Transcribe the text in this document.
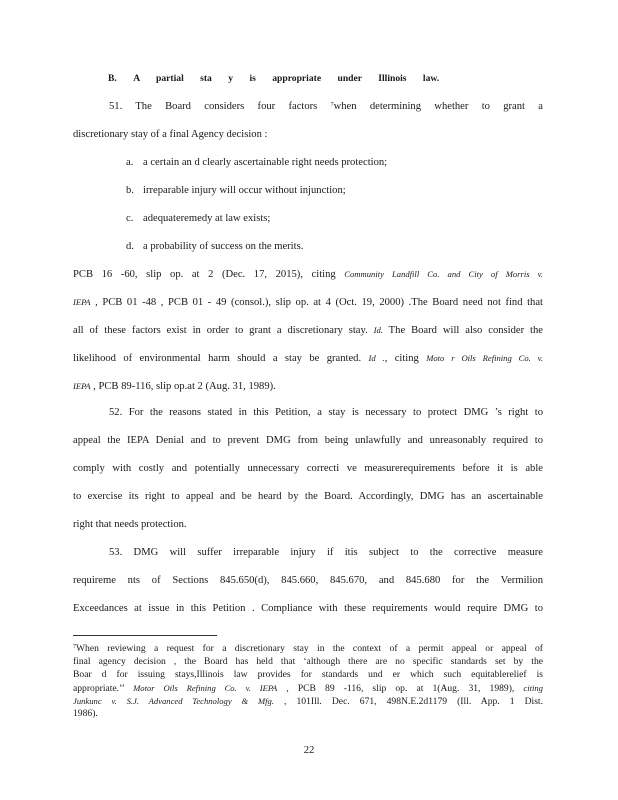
B. A partial sta y is appropriate under Illinois law.
51. The Board considers four factors $^7$when determining whether to grant a
discretionary stay of a final Agency decision :
a. a certain an d clearly ascertainable right needs protection;
b. irreparable injury will occur without injunction;
c. adequateremedy at law exists;
d. a probability of success on the merits.
PCB 16 -60, slip op. at 2 (Dec. 17, 2015), citing Community Landfill Co. and City of Morris v.
IEPA , PCB 01 -48 , PCB 01 - 49 (consol.), slip op. at 4 (Oct. 19, 2000) .The Board need not find that
all of these factors exist in order to grant a discretionary stay. Id. The Board will also consider the
likelihood of environmental harm should a stay be granted. Id ., citing Moto r Oils Refining Co. v.
IEPA , PCB 89-116, slip op.at 2 (Aug. 31, 1989).
52. For the reasons stated in this Petition, a stay is necessary to protect DMG ’s right to
appeal the IEPA Denial and to prevent DMG from being unlawfully and unreasonably required to
comply with costly and potentially unnecessary correcti ve measurerequirements before it is able
to exercise its right to appeal and be heard by the Board. Accordingly, DMG has an ascertainable
right that needs protection.
53. DMG will suffer irreparable injury if itis subject to the corrective measure
requireme nts of Sections 845.650(d), 845.660, 845.670, and 845.680 for the Vermilion
Exceedances at issue in this Petition . Compliance with these requirements would require DMG to
$^7$When reviewing a request for a discretionary stay in the context of a permit appeal or appeal of
final agency decision , the Board has held that ‘although there are no specific standards set by the
Boar d for issuing stays,Illinois law provides for standards und er which such equitablerelief is
appropriate.’’ Motor Oils Refining Co. v. IEPA , PCB 89 -116, slip op. at 1(Aug. 31, 1989), citing
Junkunc v. S.J. Advanced Technology & Mfg. , 101Ill. Dec. 671, 498N.E.2d1179 (Ill. App. 1 Dist.
1986).
22
